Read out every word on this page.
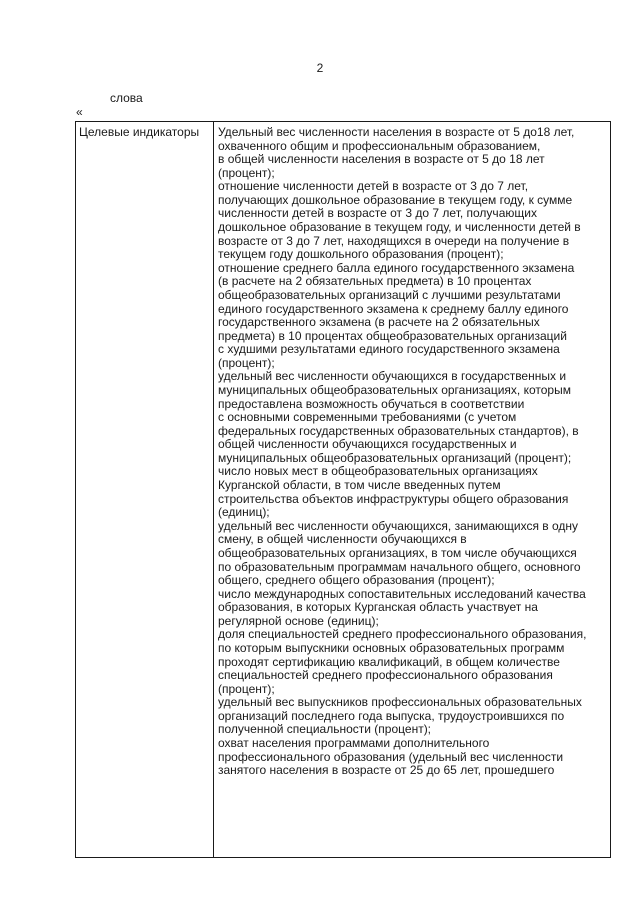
2
слова
«
Целевые индикаторы	Удельный вес численности населения в возрасте от 5 до18 лет,
охваченного общим и профессиональным образованием,
в общей численности населения в возрасте от 5 до 18 лет
(процент);
отношение численности детей в возрасте от 3 до 7 лет,
получающих дошкольное образование в текущем году, к сумме
численности детей в возрасте от 3 до 7 лет, получающих
дошкольное образование в текущем году, и численности детей в
возрасте от 3 до 7 лет, находящихся в очереди на получение в
текущем году дошкольного образования (процент);
отношение среднего балла единого государственного экзамена
(в расчете на 2 обязательных предмета) в 10 процентах
общеобразовательных организаций с лучшими результатами
единого государственного экзамена к среднему баллу единого
государственного экзамена (в расчете на 2 обязательных
предмета) в 10 процентах общеобразовательных организаций
с худшими результатами единого государственного экзамена
(процент);
удельный вес численности обучающихся в государственных и
муниципальных общеобразовательных организациях, которым
предоставлена возможность обучаться в соответствии
с основными современными требованиями (с учетом
федеральных государственных образовательных стандартов), в
общей численности обучающихся государственных и
муниципальных общеобразовательных организаций (процент);
число новых мест в общеобразовательных организациях
Курганской области, в том числе введенных путем
строительства объектов инфраструктуры общего образования
(единиц);
удельный вес численности обучающихся, занимающихся в одну
смену, в общей численности обучающихся в
общеобразовательных организациях, в том числе обучающихся
по образовательным программам начального общего, основного
общего, среднего общего образования (процент);
число международных сопоставительных исследований качества
образования, в которых Курганская область участвует на
регулярной основе (единиц);
доля специальностей среднего профессионального образования,
по которым выпускники основных образовательных программ
проходят сертификацию квалификаций, в общем количестве
специальностей среднего профессионального образования
(процент);
удельный вес выпускников профессиональных образовательных
организаций последнего года выпуска, трудоустроившихся по
полученной специальности (процент);
охват населения программами дополнительного
профессионального образования (удельный вес численности
занятого населения в возрасте от 25 до 65 лет, прошедшего
